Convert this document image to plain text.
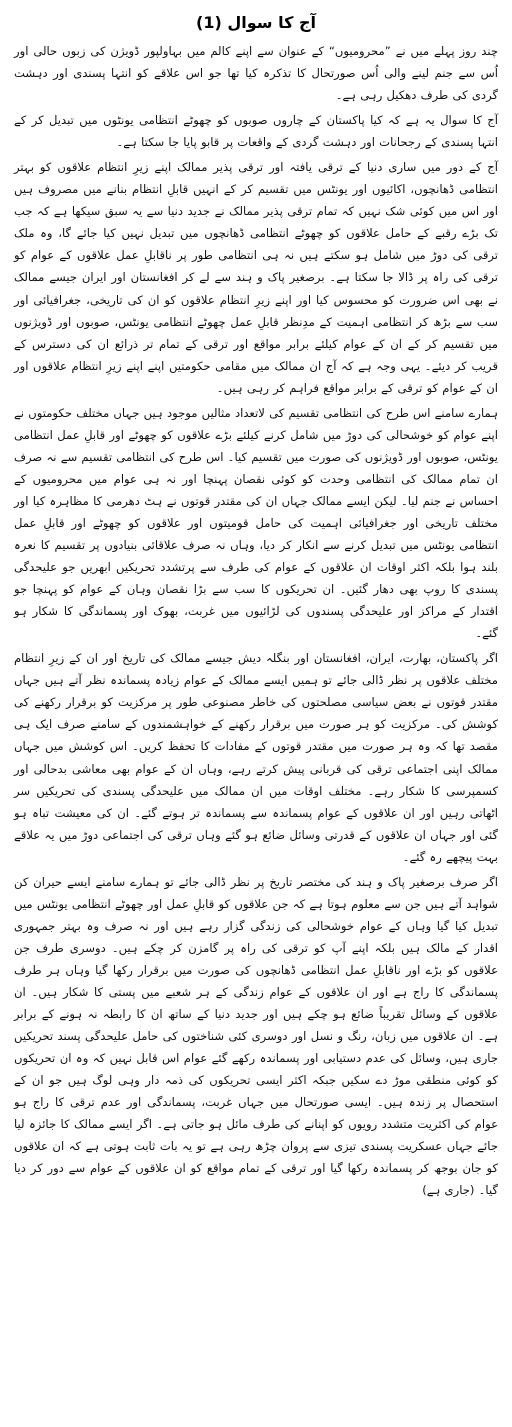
آج کا سوال (1)

چند روز پہلے میں نے ”محرومیوں“ کے عنوان سے اپنے کالم میں بہاولپور ڈویژن کی زبوں حالی اور اُس سے جنم لینے والی اُس صورتحال کا تذکرہ کیا تھا جو اس علاقے کو انتہا پسندی اور دہشت گردی کی طرف دھکیل رہی ہے۔

آج کا سوال یہ ہے کہ کیا پاکستان کے چاروں صوبوں کو چھوٹے انتظامی یونٹوں میں تبدیل کر کے انتہا پسندی کے رجحانات اور دہشت گردی کے واقعات پر قابو پایا جا سکتا ہے۔

آج کے دور میں ساری دنیا کے ترقی یافتہ اور ترقی پذیر ممالک اپنے زیرِ انتظام علاقوں کو بہتر انتظامی ڈھانچوں، اکائیوں اور یونٹس میں تقسیم کر کے انہیں قابلِ انتظام بنانے میں مصروف ہیں اور اس میں کوئی شک نہیں کہ تمام ترقی پذیر ممالک نے جدید دنیا سے یہ سبق سیکھا ہے کہ جب تک بڑے رقبے کے حامل علاقوں کو چھوٹے انتظامی ڈھانچوں میں تبدیل نہیں کیا جائے گا، وہ ملک ترقی کی دوڑ میں شامل ہو سکتے ہیں نہ ہی انتظامی طور پر ناقابلِ عمل علاقوں کے عوام کو ترقی کی راہ پر ڈالا جا سکتا ہے۔ برصغیر پاک و ہند سے لے کر افغانستان اور ایران جیسے ممالک نے بھی اس ضرورت کو محسوس کیا اور اپنے زیرِ انتظام علاقوں کو ان کی تاریخی، جغرافیائی اور سب سے بڑھ کر انتظامی اہمیت کے مدِنظر قابلِ عمل چھوٹے انتظامی یونٹس، صوبوں اور ڈویژنوں میں تقسیم کر کے ان کے عوام کیلئے برابر مواقع اور ترقی کے تمام تر ذرائع ان کی دسترس کے قریب کر دیئے۔ یہی وجہ ہے کہ آج ان ممالک میں مقامی حکومتیں اپنے اپنے زیرِ انتظام علاقوں اور ان کے عوام کو ترقی کے برابر مواقع فراہم کر رہی ہیں۔

ہمارے سامنے اس طرح کی انتظامی تقسیم کی لاتعداد مثالیں موجود ہیں جہاں مختلف حکومتوں نے اپنے عوام کو خوشحالی کی دوڑ میں شامل کرنے کیلئے بڑے علاقوں کو چھوٹے اور قابلِ عمل انتظامی یونٹس، صوبوں اور ڈویژنوں کی صورت میں تقسیم کیا۔ اس طرح کی انتظامی تقسیم سے نہ صرف ان تمام ممالک کی انتظامی وحدت کو کوئی نقصان پہنچا اور نہ ہی عوام میں محرومیوں کے احساس نے جنم لیا۔ لیکن ایسے ممالک جہاں ان کی مقتدر قوتوں نے ہٹ دھرمی کا مظاہرہ کیا اور مختلف تاریخی اور جغرافیائی اہمیت کی حامل قومیتوں اور علاقوں کو چھوٹے اور قابلِ عمل انتظامی یونٹس میں تبدیل کرنے سے انکار کر دیا، وہاں نہ صرف علاقائی بنیادوں پر تقسیم کا نعرہ بلند ہوا بلکہ اکثر اوقات ان علاقوں کے عوام کی طرف سے پرتشدد تحریکیں ابھریں جو علیحدگی پسندی کا روپ بھی دھار گئیں۔ ان تحریکوں کا سب سے بڑا نقصان وہاں کے عوام کو پہنچا جو اقتدار کے مراکز اور علیحدگی پسندوں کی لڑائیوں میں غربت، بھوک اور پسماندگی کا شکار ہو گئے۔

اگر پاکستان، بھارت، ایران، افغانستان اور بنگلہ دیش جیسے ممالک کی تاریخ اور ان کے زیرِ انتظام مختلف علاقوں پر نظر ڈالی جائے تو ہمیں ایسے ممالک کے عوام زیادہ پسماندہ نظر آتے ہیں جہاں مقتدر قوتوں نے بعض سیاسی مصلحتوں کی خاطر مصنوعی طور پر مرکزیت کو برقرار رکھنے کی کوشش کی۔ مرکزیت کو ہر صورت میں برقرار رکھنے کے خواہشمندوں کے سامنے صرف ایک ہی مقصد تھا کہ وہ ہر صورت میں مقتدر قوتوں کے مفادات کا تحفظ کریں۔ اس کوشش میں جہاں ممالک اپنی اجتماعی ترقی کی قربانی پیش کرتے رہے، وہاں ان کے عوام بھی معاشی بدحالی اور کسمپرسی کا شکار رہے۔ مختلف اوقات میں ان ممالک میں علیحدگی پسندی کی تحریکیں سر اٹھاتی رہیں اور ان علاقوں کے عوام پسماندہ سے پسماندہ تر ہوتے گئے۔ ان کی معیشت تباہ ہو گئی اور جہاں ان علاقوں کے قدرتی وسائل ضائع ہو گئے وہاں ترقی کی اجتماعی دوڑ میں یہ علاقے بہت پیچھے رہ گئے۔

اگر صرف برصغیر پاک و ہند کی مختصر تاریخ پر نظر ڈالی جائے تو ہمارے سامنے ایسے حیران کن شواہد آتے ہیں جن سے معلوم ہوتا ہے کہ جن علاقوں کو قابلِ عمل اور چھوٹے انتظامی یونٹس میں تبدیل کیا گیا وہاں کے عوام خوشحالی کی زندگی گزار رہے ہیں اور نہ صرف وہ بہتر جمہوری اقدار کے مالک ہیں بلکہ اپنے آپ کو ترقی کی راہ پر گامزن کر چکے ہیں۔ دوسری طرف جن علاقوں کو بڑے اور ناقابلِ عمل انتظامی ڈھانچوں کی صورت میں برقرار رکھا گیا وہاں ہر طرف پسماندگی کا راج ہے اور ان علاقوں کے عوام زندگی کے ہر شعبے میں پستی کا شکار ہیں۔ ان علاقوں کے وسائل تقریباً ضائع ہو چکے ہیں اور جدید دنیا کے ساتھ ان کا رابطہ نہ ہونے کے برابر ہے۔ ان علاقوں میں زبان، رنگ و نسل اور دوسری کئی شناختوں کی حامل علیحدگی پسند تحریکیں جاری ہیں، وسائل کی عدم دستیابی اور پسماندہ رکھے گئے عوام اس قابل نہیں کہ وہ ان تحریکوں کو کوئی منطقی موڑ دے سکیں جبکہ اکثر ایسی تحریکوں کی ذمہ دار وہی لوگ ہیں جو ان کے استحصال پر زندہ ہیں۔ ایسی صورتحال میں جہاں غربت، پسماندگی اور عدم ترقی کا راج ہو عوام کی اکثریت متشدد رویوں کو اپنانے کی طرف مائل ہو جاتی ہے۔ اگر ایسے ممالک کا جائزہ لیا جائے جہاں عسکریت پسندی تیزی سے پروان چڑھ رہی ہے تو یہ بات ثابت ہوتی ہے کہ ان علاقوں کو جان بوجھ کر پسماندہ رکھا گیا اور ترقی کے تمام مواقع کو ان علاقوں کے عوام سے دور کر دیا گیا۔ (جاری ہے)
